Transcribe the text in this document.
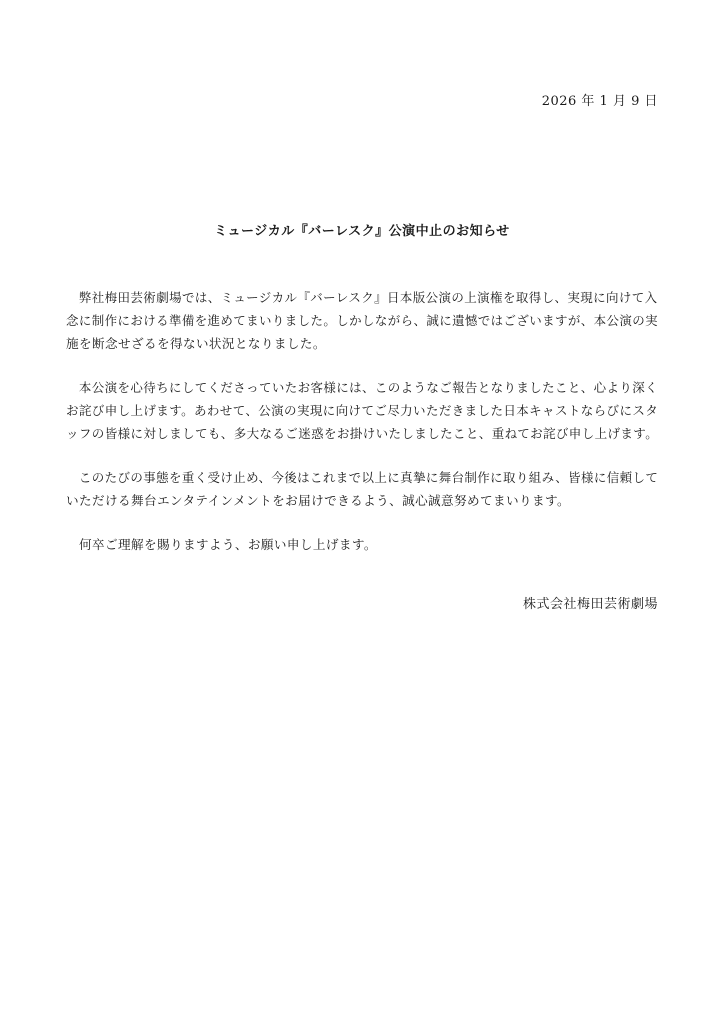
2026 年 1 月 9 日
ミュージカル『バーレスク』公演中止のお知らせ

　弊社梅田芸術劇場では、ミュージカル『バーレスク』日本版公演の上演権を取得し、実現に向けて入
念に制作における準備を進めてまいりました。しかしながら、誠に遺憾ではございますが、本公演の実
施を断念せざるを得ない状況となりました。

　本公演を心待ちにしてくださっていたお客様には、このようなご報告となりましたこと、心より深く
お詫び申し上げます。あわせて、公演の実現に向けてご尽力いただきました日本キャストならびにスタ
ッフの皆様に対しましても、多大なるご迷惑をお掛けいたしましたこと、重ねてお詫び申し上げます。

　このたびの事態を重く受け止め、今後はこれまで以上に真摯に舞台制作に取り組み、皆様に信頼して
いただける舞台エンタテインメントをお届けできるよう、誠心誠意努めてまいります。

　何卒ご理解を賜りますよう、お願い申し上げます。

株式会社梅田芸術劇場
